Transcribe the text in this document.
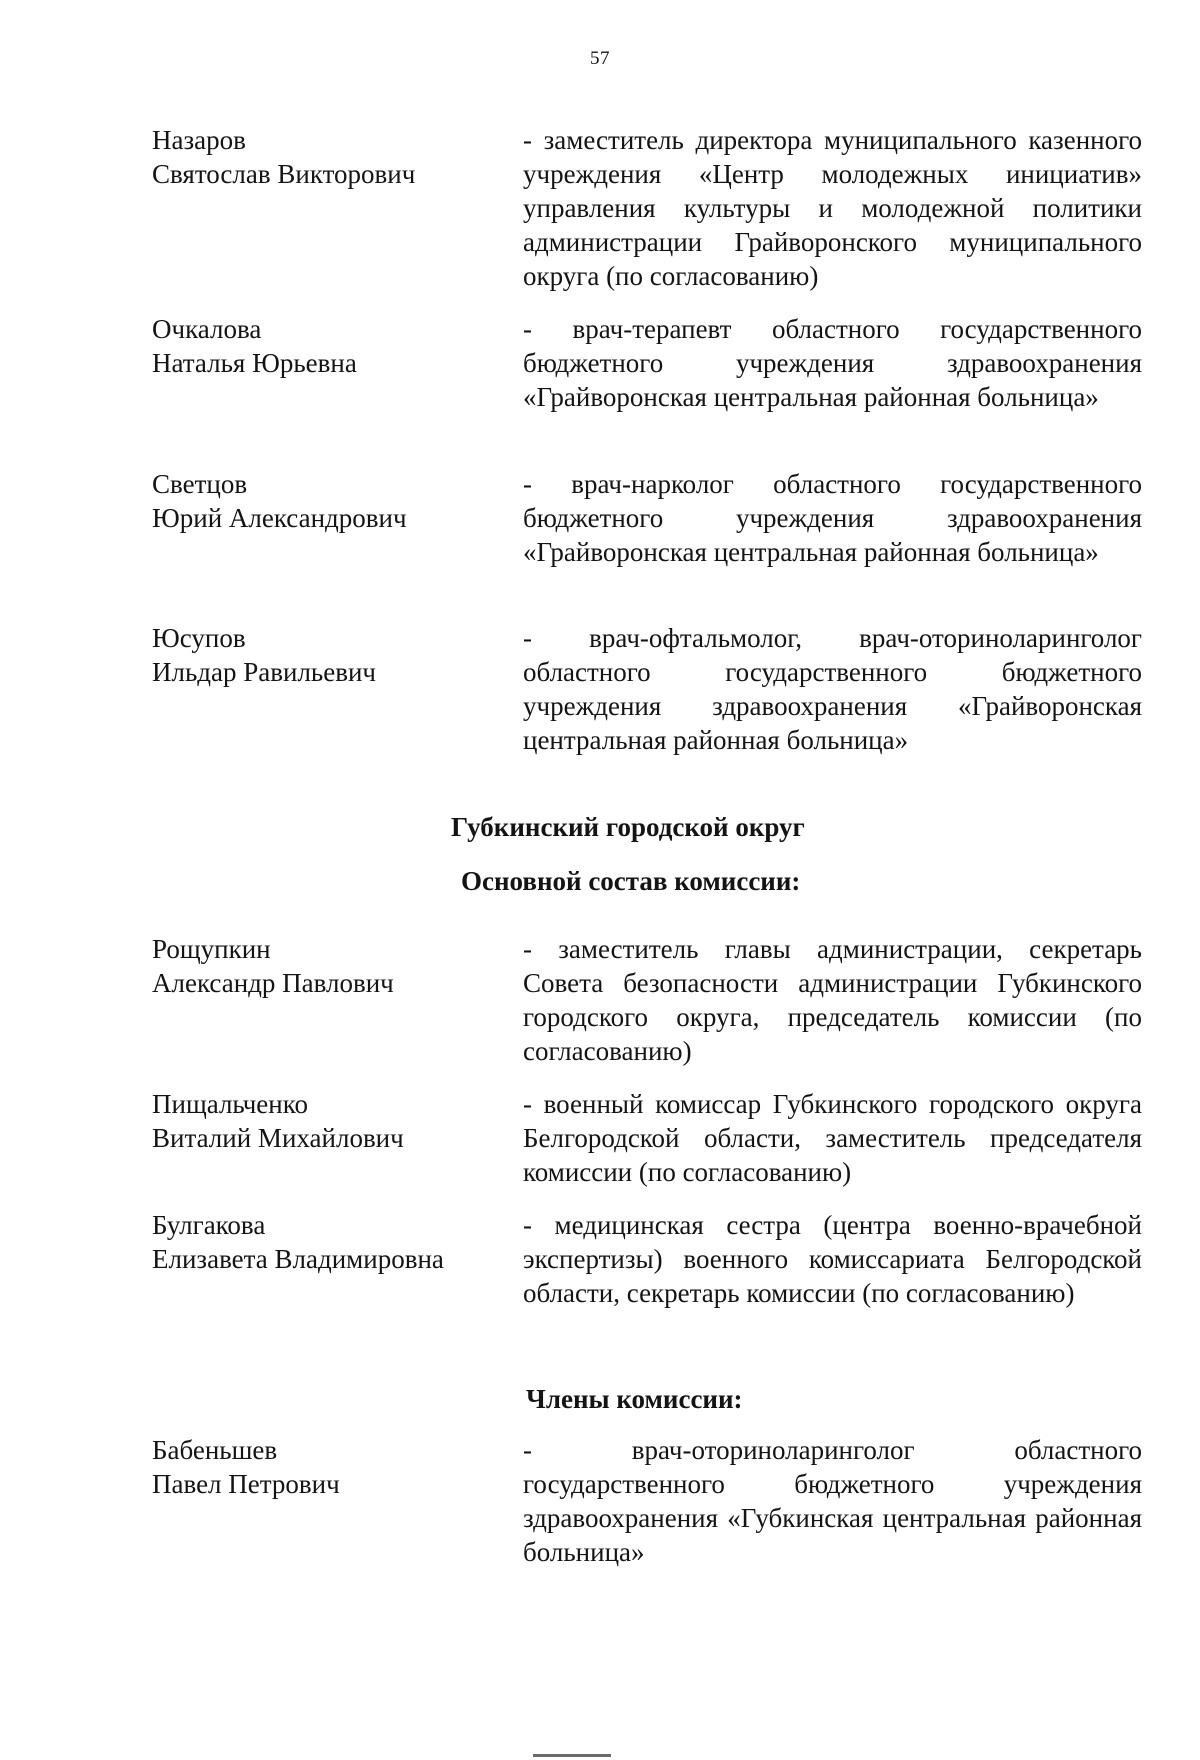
57
Назаров
Святослав Викторович
- заместитель директора муниципального казенного учреждения «Центр молодежных инициатив» управления культуры и молодежной политики администрации Грайворонского муниципального округа (по согласованию)
Очкалова
Наталья Юрьевна
- врач-терапевт областного государственного бюджетного учреждения здравоохранения «Грайворонская центральная районная больница»
Светцов
Юрий Александрович
- врач-нарколог областного государственного бюджетного учреждения здравоохранения «Грайворонская центральная районная больница»
Юсупов
Ильдар Равильевич
- врач-офтальмолог, врач-оториноларинголог областного государственного бюджетного учреждения здравоохранения «Грайворонская центральная районная больница»
Губкинский городской округ
Основной состав комиссии:
Рощупкин
Александр Павлович
- заместитель главы администрации, секретарь Совета безопасности администрации Губкинского городского округа, председатель комиссии (по согласованию)
Пищальченко
Виталий Михайлович
- военный комиссар Губкинского городского округа Белгородской области, заместитель председателя комиссии (по согласованию)
Булгакова
Елизавета Владимировна
- медицинская сестра (центра военно-врачебной экспертизы) военного комиссариата Белгородской области, секретарь комиссии (по согласованию)
Члены комиссии:
Бабеньшев
Павел Петрович
- врач-оториноларинголог областного государственного бюджетного учреждения здравоохранения «Губкинская центральная районная больница»
